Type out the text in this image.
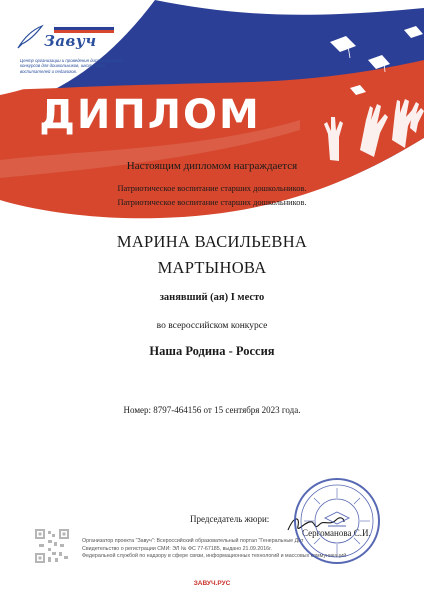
Завуч
Центр организации и проведения дистанционных конкурсов для дошкольников, школьников, воспитателей и педагогов.
ДИПЛОМ
Настоящим дипломом награждается
Патриотическое воспитание старших дошкольников.
Патриотическое воспитание старших дошкольников.
МАРИНА ВАСИЛЬЕВНА
МАРТЫНОВА
занявший (ая) I место
во всероссийском конкурсе
Наша Родина - Россия
Номер: 8797-464156 от 15 сентября 2023 года.
Председатель жюри:
Сергоманова С.И.
Организатор проекта "Завуч": Всероссийский образовательный портал "Генеральные Дет
Свидетельство о регистрации СМИ: ЭЛ № ФС 77-67185, выдано 21.09.2016г.
Федеральной службой по надзору в сфере связи, информационных технологий и массовых коммуникаций
ЗАВУЧ.РУС
